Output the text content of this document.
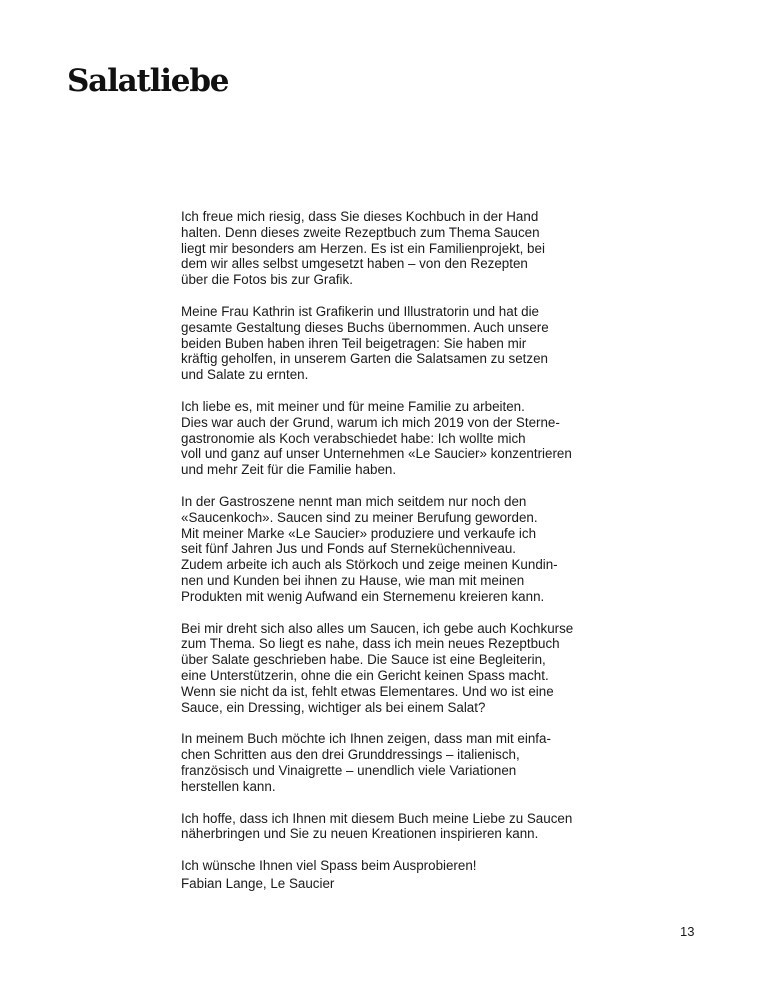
Salatliebe

Ich freue mich riesig, dass Sie dieses Kochbuch in der Hand
halten. Denn dieses zweite Rezeptbuch zum Thema Saucen
liegt mir besonders am Herzen. Es ist ein Familienprojekt, bei
dem wir alles selbst umgesetzt haben – von den Rezepten
über die Fotos bis zur Grafik.

Meine Frau Kathrin ist Grafikerin und Illustratorin und hat die
gesamte Gestaltung dieses Buchs übernommen. Auch unsere
beiden Buben haben ihren Teil beigetragen: Sie haben mir
kräftig geholfen, in unserem Garten die Salatsamen zu setzen
und Salate zu ernten.

Ich liebe es, mit meiner und für meine Familie zu arbeiten.
Dies war auch der Grund, warum ich mich 2019 von der Sterne-
gastronomie als Koch verabschiedet habe: Ich wollte mich
voll und ganz auf unser Unternehmen «Le Saucier» konzentrieren
und mehr Zeit für die Familie haben.

In der Gastroszene nennt man mich seitdem nur noch den
«Saucenkoch». Saucen sind zu meiner Berufung geworden.
Mit meiner Marke «Le Saucier» produziere und verkaufe ich
seit fünf Jahren Jus und Fonds auf Sterneküchenniveau.
Zudem arbeite ich auch als Störkoch und zeige meinen Kundin-
nen und Kunden bei ihnen zu Hause, wie man mit meinen
Produkten mit wenig Aufwand ein Sternemenu kreieren kann.

Bei mir dreht sich also alles um Saucen, ich gebe auch Kochkurse
zum Thema. So liegt es nahe, dass ich mein neues Rezeptbuch
über Salate geschrieben habe. Die Sauce ist eine Begleiterin,
eine Unterstützerin, ohne die ein Gericht keinen Spass macht.
Wenn sie nicht da ist, fehlt etwas Elementares. Und wo ist eine
Sauce, ein Dressing, wichtiger als bei einem Salat?

In meinem Buch möchte ich Ihnen zeigen, dass man mit einfa-
chen Schritten aus den drei Grunddressings – italienisch,
französisch und Vinaigrette – unendlich viele Variationen
herstellen kann.

Ich hoffe, dass ich Ihnen mit diesem Buch meine Liebe zu Saucen
näherbringen und Sie zu neuen Kreationen inspirieren kann.

Ich wünsche Ihnen viel Spass beim Ausprobieren!

Fabian Lange, Le Saucier

13
